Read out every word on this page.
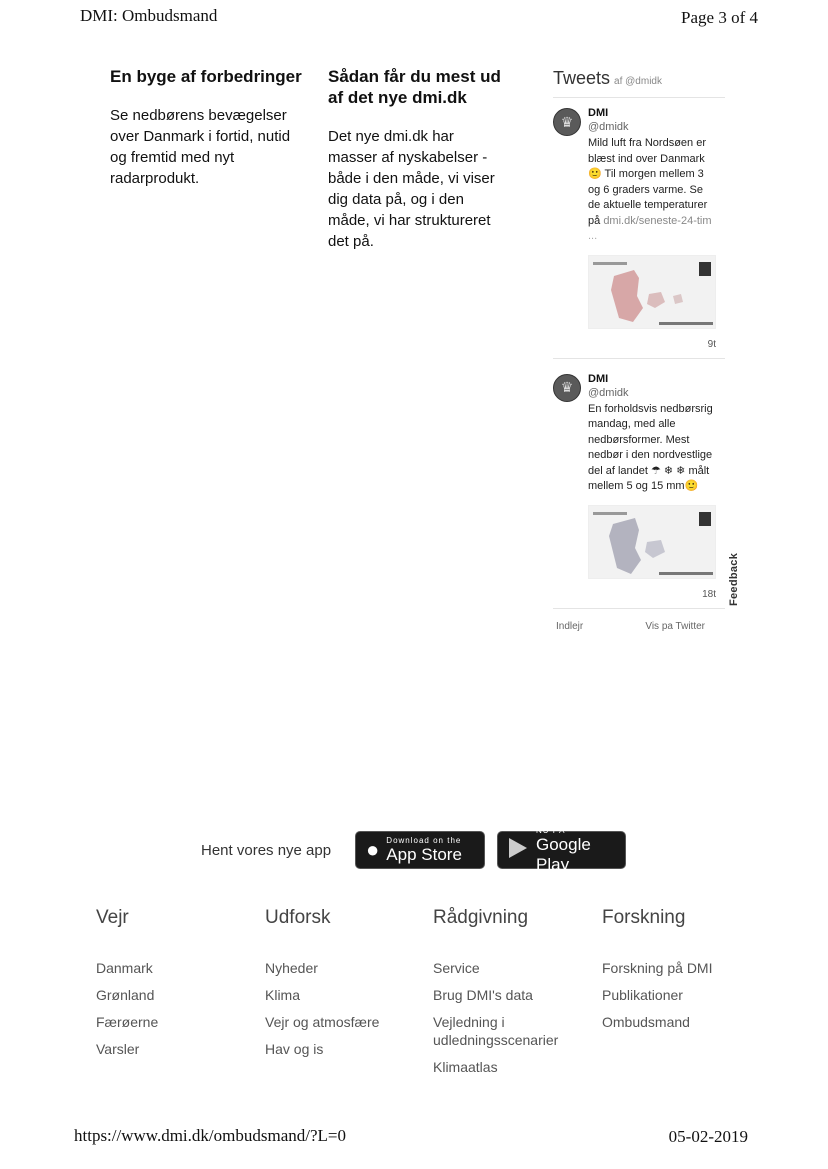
DMI: Ombudsmand	Page 3 of 4
En byge af forbedringer

Se nedbørens bevægelser over Danmark i fortid, nutid og fremtid med nyt radarprodukt.

Sådan får du mest ud af det nye dmi.dk

Det nye dmi.dk har masser af nyskabelser - både i den måde, vi viser dig data på, og i den måde, vi har struktureret det på.

Tweets af @dmidk
♛
DMI
@dmidk
Mild luft fra Nordsøen er blæst ind over Danmark 🙂 Til morgen mellem 3 og 6 graders varme. Se de aktuelle temperaturer på dmi.dk/seneste-24-tim ...
9t
♛
DMI
@dmidk
En forholdsvis nedbørsrig mandag, med alle nedbørsformer. Mest nedbør i den nordvestlige del af landet ☂ ❄ ❄ målt mellem 5 og 15 mm🙂
18t
Indlejr	Vis pa Twitter
Feedback
Hent vores nye app	● Download on the
App Store
NU PÅ
Google Play
Vejr
Danmark
Grønland
Færøerne
Varsler
Udforsk
Nyheder
Klima
Vejr og atmosfære
Hav og is
Rådgivning
Service
Brug DMI's data
Vejledning i udledningsscenarier
Klimaatlas
Forskning
Forskning på DMI
Publikationer
Ombudsmand
https://www.dmi.dk/ombudsmand/?L=0	05-02-2019
